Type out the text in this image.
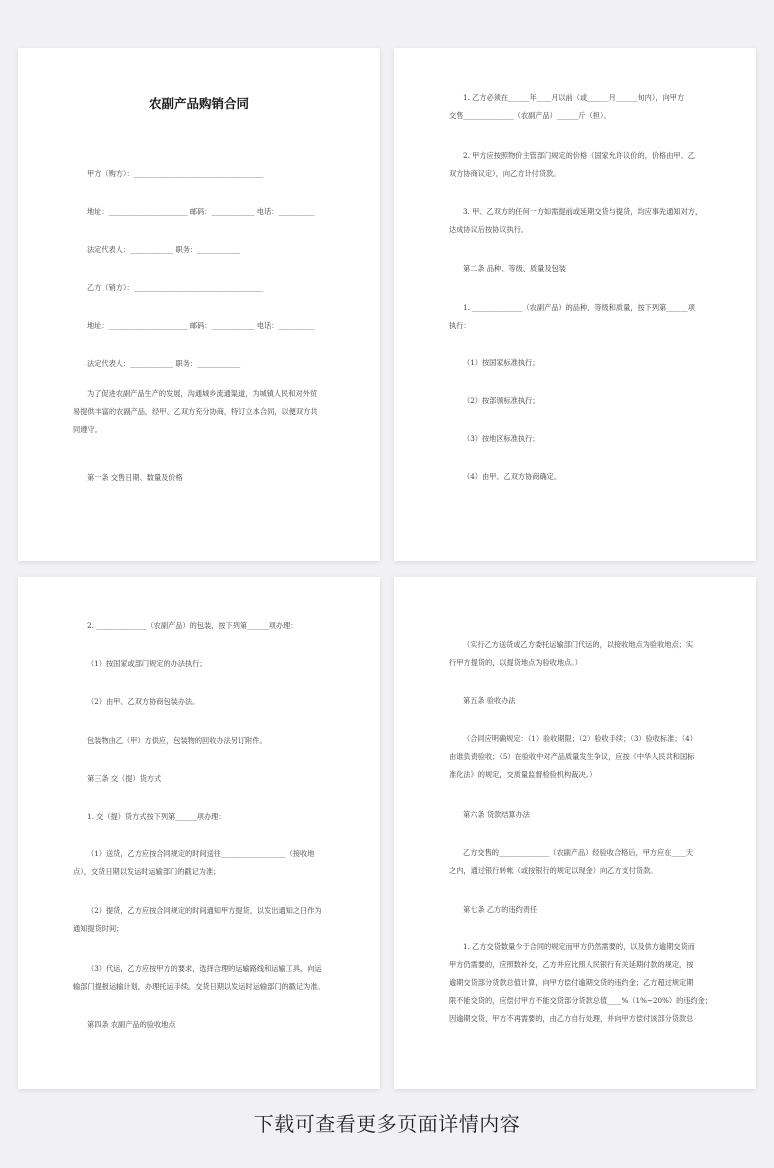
农副产品购销合同
甲方（购方）：____________________________________
地址：______________________ 邮码：____________ 电话：__________
法定代表人：____________ 职务：____________
乙方（销方）：____________________________________
地址：______________________ 邮码：____________ 电话：__________
法定代表人：____________ 职务：____________
为了促进农副产品生产的发展，沟通城乡流通渠道，为城镇人民和对外贸
易提供丰富的农副产品，经甲、乙双方充分协商，特订立本合同，以便双方共
同遵守。
第一条 交售日期、数量及价格
1. 乙方必须在______年____月以前（或______月______旬内），向甲方
交售______________（农副产品）______斤（担）。
2. 甲方应按照物价主管部门规定的价格（国家允许议价的，价格由甲、乙
双方协商议定），向乙方计付货款。
3. 甲、乙双方的任何一方如需提前或延期交货与提货，均应事先通知对方，
达成协议后按协议执行。
第二条 品种、等级、质量及包装
1. ______________（农副产品）的品种、等级和质量，按下列第______项
执行：
（1）按国家标准执行；
（2）按部颁标准执行；
（3）按地区标准执行；
（4）由甲、乙双方协商确定。
2. ______________（农副产品）的包装，按下列第______项办理：
（1）按国家或部门规定的办法执行；
（2）由甲、乙双方协商包装办法。
包装物由乙（甲）方供应，包装物的回收办法另订附件。
第三条 交（提）货方式
1. 交（提）货方式按下列第______项办理：
（1）送货，乙方应按合同规定的时间送往__________________（接收地
点），交货日期以发运时运输部门的戳记为准；
（2）提货，乙方应按合同规定的时间通知甲方提货，以发出通知之日作为
通知提货时间；
（3）代运，乙方应按甲方的要求，选择合理的运输路线和运输工具，向运
输部门提报运输计划，办理托运手续。交货日期以发运时运输部门的戳记为准。
第四条 农副产品的验收地点
（实行乙方送货或乙方委托运输部门代运的，以接收地点为验收地点；实
行甲方提货的，以提货地点为验收地点。）
第五条 验收办法
（合同应明确规定：（1）验收期限；（2）验收手续；（3）验收标准；（4）
由谁负责验收；（5）在验收中对产品质量发生争议，应按《中华人民共和国标
准化法》的规定，交质量监督检验机构裁决。）
第六条 货款结算办法
乙方交售的______________（农副产品）经验收合格后，甲方应在____天
之内，通过银行转帐（或按银行的规定以现金）向乙方支付货款。
第七条 乙方的违约责任
1. 乙方交货数量少于合同的规定而甲方仍然需要的，以及供方逾期交货而
甲方仍需要的，应照数补交，乙方并应比照人民银行有关延期付款的规定，按
逾期交货部分货款总值计算，向甲方偿付逾期交货的违约金；乙方超过规定期
限不能交货的，应偿付甲方不能交货部分货款总值____%（1%~20%）的违约金；
因逾期交货，甲方不再需要的，由乙方自行处理，并向甲方偿付该部分货款总
下载可查看更多页面详情内容
